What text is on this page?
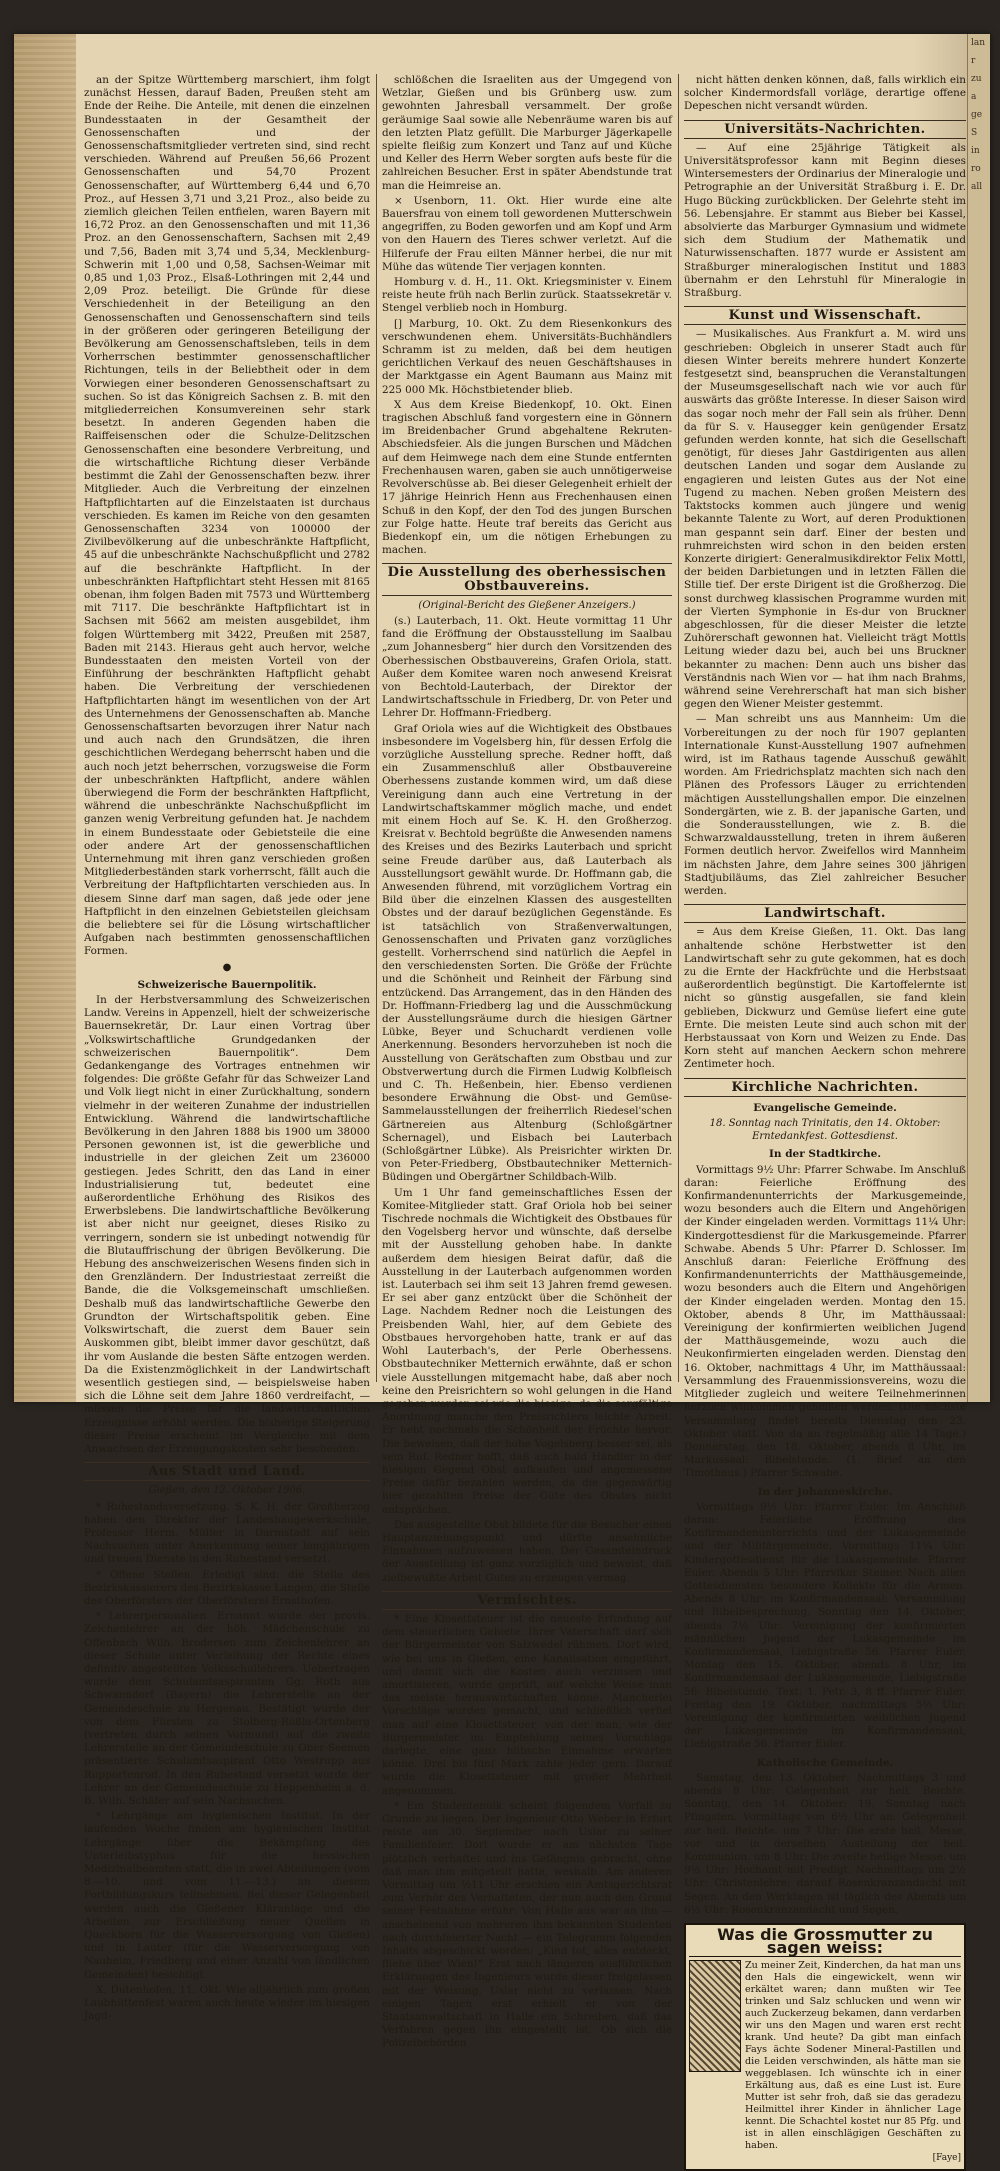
lan
r
zu
a
ge
S
in
ro
all

an der Spitze Württemberg marschiert, ihm folgt zunächst Hessen, darauf Baden, Preußen steht am Ende der Reihe. Die Anteile, mit denen die einzelnen Bundesstaaten in der Gesamtheit der Genossenschaften und der Genossenschaftsmitglieder vertreten sind, sind recht verschieden. Während auf Preußen 56,66 Prozent Genossenschaften und 54,70 Prozent Genossenschafter, auf Württemberg 6,44 und 6,70 Proz., auf Hessen 3,71 und 3,21 Proz., also beide zu ziemlich gleichen Teilen entfielen, waren Bayern mit 16,72 Proz. an den Genossenschaften und mit 11,36 Proz. an den Genossenschaftern, Sachsen mit 2,49 und 7,56, Baden mit 3,74 und 5,34, Mecklenburg-Schwerin mit 1,00 und 0,58, Sachsen-Weimar mit 0,85 und 1,03 Proz., Elsaß-Lothringen mit 2,44 und 2,09 Proz. beteiligt. Die Gründe für diese Verschiedenheit in der Beteiligung an den Genossenschaften und Genossenschaftern sind teils in der größeren oder geringeren Beteiligung der Bevölkerung am Genossenschaftsleben, teils in dem Vorherrschen bestimmter genossenschaftlicher Richtungen, teils in der Beliebtheit oder in dem Vorwiegen einer besonderen Genossenschaftsart zu suchen. So ist das Königreich Sachsen z. B. mit den mitgliederreichen Konsumvereinen sehr stark besetzt. In anderen Gegenden haben die Raiffeisenschen oder die Schulze-Delitzschen Genossenschaften eine besondere Verbreitung, und die wirtschaftliche Richtung dieser Verbände bestimmt die Zahl der Genossenschaften bezw. ihrer Mitglieder. Auch die Verbreitung der einzelnen Haftpflichtarten auf die Einzelstaaten ist durchaus verschieden. Es kamen im Reiche von den gesamten Genossenschaften 3234 von 100000 der Zivilbevölkerung auf die unbeschränkte Haftpflicht, 45 auf die unbeschränkte Nachschußpflicht und 2782 auf die beschränkte Haftpflicht. In der unbeschränkten Haftpflichtart steht Hessen mit 8165 obenan, ihm folgen Baden mit 7573 und Württemberg mit 7117. Die beschränkte Haftpflichtart ist in Sachsen mit 5662 am meisten ausgebildet, ihm folgen Württemberg mit 3422, Preußen mit 2587, Baden mit 2143. Hieraus geht auch hervor, welche Bundesstaaten den meisten Vorteil von der Einführung der beschränkten Haftpflicht gehabt haben. Die Verbreitung der verschiedenen Haftpflichtarten hängt im wesentlichen von der Art des Unternehmens der Genossenschaften ab. Manche Genossenschaftsarten bevorzugen ihrer Natur nach und auch nach den Grundsätzen, die ihren geschichtlichen Werdegang beherrscht haben und die auch noch jetzt beherrschen, vorzugsweise die Form der unbeschränkten Haftpflicht, andere wählen überwiegend die Form der beschränkten Haftpflicht, während die unbeschränkte Nachschußpflicht im ganzen wenig Verbreitung gefunden hat. Je nachdem in einem Bundesstaate oder Gebietsteile die eine oder andere Art der genossenschaftlichen Unternehmung mit ihren ganz verschieden großen Mitgliederbeständen stark vorherrscht, fällt auch die Verbreitung der Haftpflichtarten verschieden aus. In diesem Sinne darf man sagen, daß jede oder jene Haftpflicht in den einzelnen Gebietsteilen gleichsam die beliebtere sei für die Lösung wirtschaftlicher Aufgaben nach bestimmten genossenschaftlichen Formen.

●
Schweizerische Bauernpolitik.

In der Herbstversammlung des Schweizerischen Landw. Vereins in Appenzell, hielt der schweizerische Bauernsekretär, Dr. Laur einen Vortrag über „Volkswirtschaftliche Grundgedanken der schweizerischen Bauernpolitik“. Dem Gedankengange des Vortrages entnehmen wir folgendes: Die größte Gefahr für das Schweizer Land und Volk liegt nicht in einer Zurückhaltung, sondern vielmehr in der weiteren Zunahme der industriellen Entwicklung. Während die landwirtschaftliche Bevölkerung in den Jahren 1888 bis 1900 um 38000 Personen gewonnen ist, ist die gewerbliche und industrielle in der gleichen Zeit um 236000 gestiegen. Jedes Schritt, den das Land in einer Industrialisierung tut, bedeutet eine außerordentliche Erhöhung des Risikos des Erwerbslebens. Die landwirtschaftliche Bevölkerung ist aber nicht nur geeignet, dieses Risiko zu verringern, sondern sie ist unbedingt notwendig für die Blutauffrischung der übrigen Bevölkerung. Die Hebung des anschweizerischen Wesens finden sich in den Grenzländern. Der Industriestaat zerreißt die Bande, die die Volksgemeinschaft umschließen. Deshalb muß das landwirtschaftliche Gewerbe den Grundton der Wirtschaftspolitik geben. Eine Volkswirtschaft, die zuerst dem Bauer sein Auskommen gibt, bleibt immer davor geschützt, daß ihr vom Auslande die besten Säfte entzogen werden. Da die Existenzmöglichkeit in der Landwirtschaft wesentlich gestiegen sind, — beispielsweise haben sich die Löhne seit dem Jahre 1860 verdreifacht, — müssen die Preise für die landwirtschaftlichen Erzeugnisse erhöht werden. Die bisherige Steigerung dieser Preise erscheint im Vergleiche mit dem Anwachsen der Erzeugungskosten sehr bescheiden.

Aus Stadt und Land.
Gießen, den 12. Oktober 1906.

* Ruhestandsversetzung. S. K. H. der Großherzog haben den Direktor der Landesbaugewerkschule, Professor Herm. Müller in Darmstadt auf sein Nachsuchen unter Anerkennung seiner langjährigen und treuen Dienste in den Ruhestand versetzt.

* Offene Stellen. Erledigt sind: die Stelle des Bezirkskassierers des Bezirkskasse Langen, die Stelle des Oberförsters der Oberförsterei Ernsthofen.

* Lehrerpersonalien. Ernannt wurde der provis. Zeichenlehrer an der höh. Mädchenschule zu Offenbach Wilh. Brodersen zum Zeichenlehrer an dieser Schule unter Verleihung der Rechte eines definitiv angestellten Volksschullehrers. Uebertragen wurde dem Schulamtsaspiranten Gg. Roth aus Schwanndorf (Bayern) die Lehrerstelle an der Gemeindeschule zu Hergenau. Bestätigt wurde der von dem Fürsten zu Stolberg-Roßla-Ortenberg (vertreten durch seinen Vormund) auf die zweite Lehrerstelle an der Gemeindeschule zu Ober-Seemen präsentierte Schulamtsaspirant Otto Westrupp aus Rupportenrod. In den Ruhestand versetzt wurde der Lehrer an der Gemeindeschule zu Heppenheim a. d. B. Wilh. Schäfer auf sein Nachsuchen.

* Lehrgänge am hygienischen Institut. In der laufenden Woche finden am hygienischen Institut Lehrgänge über die Bekämpfung des Unterleibstyphus für die hessischen Medizinalbeamten statt, die in zwei Abteilungen (vom 8.—10. und vom 11.—13.) an diesem Fortbildungskurs teilnehmen. Bei dieser Gelegenheit werden auch die Gießener Kläranlage und die Arbeiten zur Erschließung neuer Quellen in Queckborn für die Wasserversorgung von Gießen) und in Lauter (für die Wasserversorgung von Nauheim, Friedberg und einer Anzahl von ländlichen Gemeinden) besichtigt.

X. Dutenhofen, 11. Okt. Wie alljährlich zum großen Laubhüttenfest waren auch heute wieder im hiesigen Jagd-

schlößchen die Israeliten aus der Umgegend von Wetzlar, Gießen und bis Grünberg usw. zum gewohnten Jahresball versammelt. Der große geräumige Saal sowie alle Nebenräume waren bis auf den letzten Platz gefüllt. Die Marburger Jägerkapelle spielte fleißig zum Konzert und Tanz auf und Küche und Keller des Herrn Weber sorgten aufs beste für die zahlreichen Besucher. Erst in später Abendstunde trat man die Heimreise an.

⨯ Usenborn, 11. Okt. Hier wurde eine alte Bauersfrau von einem toll gewordenen Mutterschwein angegriffen, zu Boden geworfen und am Kopf und Arm von den Hauern des Tieres schwer verletzt. Auf die Hilferufe der Frau eilten Männer herbei, die nur mit Mühe das wütende Tier verjagen konnten.

Homburg v. d. H., 11. Okt. Kriegsminister v. Einem reiste heute früh nach Berlin zurück. Staatssekretär v. Stengel verblieb noch in Homburg.

[] Marburg, 10. Okt. Zu dem Riesenkonkurs des verschwundenen ehem. Universitäts-Buchhändlers Schramm ist zu melden, daß bei dem heutigen gerichtlichen Verkauf des neuen Geschäftshauses in der Marktgasse ein Agent Baumann aus Mainz mit 225 000 Mk. Höchstbietender blieb.

X Aus dem Kreise Biedenkopf, 10. Okt. Einen tragischen Abschluß fand vorgestern eine in Gönnern im Breidenbacher Grund abgehaltene Rekruten-Abschiedsfeier. Als die jungen Burschen und Mädchen auf dem Heimwege nach dem eine Stunde entfernten Frechenhausen waren, gaben sie auch unnötigerweise Revolverschüsse ab. Bei dieser Gelegenheit erhielt der 17 jährige Heinrich Henn aus Frechenhausen einen Schuß in den Kopf, der den Tod des jungen Burschen zur Folge hatte. Heute traf bereits das Gericht aus Biedenkopf ein, um die nötigen Erhebungen zu machen.

Die Ausstellung des oberhessischen Obstbauvereins.
(Original-Bericht des Gießener Anzeigers.)

(s.) Lauterbach, 11. Okt. Heute vormittag 11 Uhr fand die Eröffnung der Obstausstellung im Saalbau „zum Johannesberg“ hier durch den Vorsitzenden des Oberhessischen Obstbauvereins, Grafen Oriola, statt. Außer dem Komitee waren noch anwesend Kreisrat von Bechtold-Lauterbach, der Direktor der Landwirtschaftsschule in Friedberg, Dr. von Peter und Lehrer Dr. Hoffmann-Friedberg.

Graf Oriola wies auf die Wichtigkeit des Obstbaues insbesondere im Vogelsberg hin, für dessen Erfolg die vorzügliche Ausstellung spreche. Redner hofft, daß ein Zusammenschluß aller Obstbauvereine Oberhessens zustande kommen wird, um daß diese Vereinigung dann auch eine Vertretung in der Landwirtschaftskammer möglich mache, und endet mit einem Hoch auf Se. K. H. den Großherzog. Kreisrat v. Bechtold begrüßte die Anwesenden namens des Kreises und des Bezirks Lauterbach und spricht seine Freude darüber aus, daß Lauterbach als Ausstellungsort gewählt wurde. Dr. Hoffmann gab, die Anwesenden führend, mit vorzüglichem Vortrag ein Bild über die einzelnen Klassen des ausgestellten Obstes und der darauf bezüglichen Gegenstände. Es ist tatsächlich von Straßenverwaltungen, Genossenschaften und Privaten ganz vorzügliches gestellt. Vorherrschend sind natürlich die Aepfel in den verschiedensten Sorten. Die Größe der Früchte und die Schönheit und Reinheit der Färbung sind entzückend. Das Arrangement, das in den Händen des Dr. Hoffmann-Friedberg lag und die Ausschmückung der Ausstellungsräume durch die hiesigen Gärtner Lübke, Beyer und Schuchardt verdienen volle Anerkennung. Besonders hervorzuheben ist noch die Ausstellung von Gerätschaften zum Obstbau und zur Obstverwertung durch die Firmen Ludwig Kolbfleisch und C. Th. Heßenbein, hier. Ebenso verdienen besondere Erwähnung die Obst- und Gemüse-Sammelausstellungen der freiherrlich Riedesel'schen Gärtnereien aus Altenburg (Schloßgärtner Schernagel), und Eisbach bei Lauterbach (Schloßgärtner Lübke). Als Preisrichter wirkten Dr. von Peter-Friedberg, Obstbautechniker Metternich-Büdingen und Obergärtner Schildbach-Wilb.

Um 1 Uhr fand gemeinschaftliches Essen der Komitee-Mitglieder statt. Graf Oriola hob bei seiner Tischrede nochmals die Wichtigkeit des Obstbaues für den Vogelsberg hervor und wünschte, daß derselbe mit der Ausstellung gehoben habe. In dankte außerdem dem hiesigen Beirat dafür, daß die Ausstellung in der Lauterbach aufgenommen worden ist. Lauterbach sei ihm seit 13 Jahren fremd gewesen. Er sei aber ganz entzückt über die Schönheit der Lage. Nachdem Redner noch die Leistungen des Preisbenden Wahl, hier, auf dem Gebiete des Obstbaues hervorgehoben hatte, trank er auf das Wohl Lauterbach's, der Perle Oberhessens. Obstbautechniker Metternich erwähnte, daß er schon viele Ausstellungen mitgemacht habe, daß aber noch keine den Preisrichtern so wohl gelungen in die Hand gegeben worden sei wie die hiesige, da die sorgfältige Anordnung manche den Preisrichtern leichte Arbeit. Er hebt nochmals die Schönheit der Früchte hervor. Die beweisen, daß der hohe Vogelsberg besser sei, als sein Ruf. Redner hofft, daß auch bald Händler in der hiesigen Gegend Obst aufkaufen und angemessene Preise dafür bezahlen werden, da die gegenwärtig hier gezahlten Preise der Güte des Obstes nicht entsprächen.

Das ausgestellte Obst bildete für die Besucher einen Hauptanziehungspunkt und dürfte ansehnliche Einnahmen aufzuweisen haben. Der Gesamteindruck der Ausstellung ist ganz vorzüglich und beweist, daß zielbewußte Arbeit Gutes zu erzeugen vermag.

Vermischtes.

* Eine Klosettsteuer ist die neueste Erfindung auf dem steuerlichen Gebiete. Ihrer Vaterschaft darf sich der Bürgermeister von Salzwedel rühmen. Dort wird, wie bei uns in Gießen, eine Kanalisation eingeführt, und damit sich die Kosten auch verzinsen und amortisieren, wurde geprüft, auf welche Weise man das meiste herauswirtschaften könne. Mancherlei Vorschläge wurden gemacht, und schließlich verfiel man auf eine Klosettsteuer, von der man, wie der Bürgermeister im Einpfehlung seines Vorschlags darlegte, eine ganz hübsche Einnahme erwarten könne. Drei bis fünf Mark zahle jeder gern. Darauf wurde die Klosettsteuer mit großer Mehrheit angenommen.

* Ein Studentenulk scheint folgendem Vorfall zu Grunde zu liegen. Der Ingenieur Otto Weber in Erfurt reiste am 30. September nach Uslar zu seiner Familienfeier. Dort wurde er am nächsten Tage plötzlich verhaftet und ins Gefängnis gebracht, ohne daß man ihm mitgeteilt hatte, weshalb. Am anderen Vormittag um ½11 Uhr erschien ein Amtsgerichtsrat zum Verhör des Verhafteten, der nun auch den Grund seiner Festnahme erfuhr: Von Halle aus war an ihn — anscheinend von mehreren ihm bekannten Studenten nach durchfeierter Nacht — ein Telegramm folgenden Inhalts abgeschickt worden: „Kind tot, alles entdeckt, fliehe über Wien!“ Erst nach längeren ausführlichen Erklärungen des Ingenieurs wurde dieser freigelassen mit der Weisung, Uslar nicht zu verlassen. Nach einigen Tagen erst erhielt er von der Staatsanwaltschaft in Halle ein Schreiben, daß das Verfahren gegen ihn eingestellt ist. Ob sich die Polizeibehörden

nicht hätten denken können, daß, falls wirklich ein solcher Kindermordsfall vorläge, derartige offene Depeschen nicht versandt würden.

Universitäts-Nachrichten.

— Auf eine 25jährige Tätigkeit als Universitätsprofessor kann mit Beginn dieses Wintersemesters der Ordinarius der Mineralogie und Petrographie an der Universität Straßburg i. E. Dr. Hugo Bücking zurückblicken. Der Gelehrte steht im 56. Lebensjahre. Er stammt aus Bieber bei Kassel, absolvierte das Marburger Gymnasium und widmete sich dem Studium der Mathematik und Naturwissenschaften. 1877 wurde er Assistent am Straßburger mineralogischen Institut und 1883 übernahm er den Lehrstuhl für Mineralogie in Straßburg.

Kunst und Wissenschaft.

— Musikalisches. Aus Frankfurt a. M. wird uns geschrieben: Obgleich in unserer Stadt auch für diesen Winter bereits mehrere hundert Konzerte festgesetzt sind, beanspruchen die Veranstaltungen der Museumsgesellschaft nach wie vor auch für auswärts das größte Interesse. In dieser Saison wird das sogar noch mehr der Fall sein als früher. Denn da für S. v. Hausegger kein genügender Ersatz gefunden werden konnte, hat sich die Gesellschaft genötigt, für dieses Jahr Gastdirigenten aus allen deutschen Landen und sogar dem Auslande zu engagieren und leisten Gutes aus der Not eine Tugend zu machen. Neben großen Meistern des Taktstocks kommen auch jüngere und wenig bekannte Talente zu Wort, auf deren Produktionen man gespannt sein darf. Einer der besten und ruhmreichsten wird schon in den beiden ersten Konzerte dirigiert: Generalmusikdirektor Felix Mottl, der beiden Darbietungen und in letzten Fällen die Stille tief. Der erste Dirigent ist die Großherzog. Die sonst durchweg klassischen Programme wurden mit der Vierten Symphonie in Es-dur von Bruckner abgeschlossen, für die dieser Meister die letzte Zuhörerschaft gewonnen hat. Vielleicht trägt Mottls Leitung wieder dazu bei, auch bei uns Bruckner bekannter zu machen: Denn auch uns bisher das Verständnis nach Wien vor — hat ihm nach Brahms, während seine Verehrerschaft hat man sich bisher gegen den Wiener Meister gestemmt.

— Man schreibt uns aus Mannheim: Um die Vorbereitungen zu der noch für 1907 geplanten Internationale Kunst-Ausstellung 1907 aufnehmen wird, ist im Rathaus tagende Ausschuß gewählt worden. Am Friedrichsplatz machten sich nach den Plänen des Professors Läuger zu errichtenden mächtigen Ausstellungshallen empor. Die einzelnen Sondergärten, wie z. B. der japanische Garten, und die Sonderausstellungen, wie z. B. die Schwarzwaldausstellung, treten in ihrem äußeren Formen deutlich hervor. Zweifellos wird Mannheim im nächsten Jahre, dem Jahre seines 300 jährigen Stadtjubiläums, das Ziel zahlreicher Besucher werden.

Landwirtschaft.

= Aus dem Kreise Gießen, 11. Okt. Das lang anhaltende schöne Herbstwetter ist den Landwirtschaft sehr zu gute gekommen, hat es doch zu die Ernte der Hackfrüchte und die Herbstsaat außerordentlich begünstigt. Die Kartoffelernte ist nicht so günstig ausgefallen, sie fand klein geblieben, Dickwurz und Gemüse liefert eine gute Ernte. Die meisten Leute sind auch schon mit der Herbstaussaat von Korn und Weizen zu Ende. Das Korn steht auf manchen Aeckern schon mehrere Zentimeter hoch.

Kirchliche Nachrichten.
Evangelische Gemeinde.
18. Sonntag nach Trinitatis, den 14. Oktober: Erntedankfest. Gottesdienst.
In der Stadtkirche.

Vormittags 9½ Uhr: Pfarrer Schwabe. Im Anschluß daran: Feierliche Eröffnung des Konfirmandenunterrichts der Markusgemeinde, wozu besonders auch die Eltern und Angehörigen der Kinder eingeladen werden. Vormittags 11¼ Uhr: Kindergottesdienst für die Markusgemeinde. Pfarrer Schwabe. Abends 5 Uhr: Pfarrer D. Schlosser. Im Anschluß daran: Feierliche Eröffnung des Konfirmandenunterrichts der Matthäusgemeinde, wozu besonders auch die Eltern und Angehörigen der Kinder eingeladen werden. Montag den 15. Oktober, abends 8 Uhr, im Matthäussaal: Vereinigung der konfirmierten weiblichen Jugend der Matthäusgemeinde, wozu auch die Neukonfirmierten eingeladen werden. Dienstag den 16. Oktober, nachmittags 4 Uhr, im Matthäussaal: Versammlung des Frauenmissionsvereins, wozu die Mitglieder zugleich und weitere Teilnehmerinnen herzlich willkommen geheißen werden. (Die nächste Versammlung findet bereits Dienstag den 23. Oktober statt. Von da an regelmäßig alle 14 Tage.) Donnerstag, den 18. Oktober, abends 8 Uhr, im Markussaal: Bibelstunde. (1. Brief an den Timotheus.) Pfarrer Schwabe.

In der Johanneskirche.

Vormittags 9½ Uhr: Pfarrer Euler. Im Anschluß daran: Feierliche Eröffnung des Konfirmandenunterrichts und der Lukasgemeinde und der Militärgemeinde. Vormittags 11¼ Uhr: Kindergottesdienst für die Lukasgemeinde. Pfarrer Euler. Abends 5 Uhr: Pfarrvikar Steiner. Nach allen Gottesdiensten besondere Kollekte für die Armen. Abends 8 Uhr: im Konfirmandensaal: Versammlung und Bibelbesprechung. Sonntag den 14. Oktober, abends 7½ Uhr: Vereinigung der konfirmierten männlichen Jugend der Lukasgemeinde im Konfirmandensaal, Liebigstraße 56. Pfarrer Euler. Montag den 15. Oktober, abends 8 Uhr, im Konfirmandensaal der Lukasgemeinde, Liebigstraße 56: Bibelstunde. Text: 1. Petr. 3, 8 ff. Pfarrer Euler. Freitag den 19. Oktober, nachmittags 5½ Uhr: Vereinigung der konfirmierten weiblichen Jugend der Lukasgemeinde im Konfirmandensaal, Liebigstraße 56. Pfarrer Euler.

Katholische Gemeinde.

Samstag, den 13. Oktober: Nachmittags 3 und abends 8 Uhr: Gelegenheit zur heil. Beichte. Sonntag, den 14. Oktober: 19. Sonntag nach Pfingsten. Vormittags von 6½ Uhr an: Gelegenheit zur heil. Beichte. um 7 Uhr: Die erste heil. Messe, vor und in derselben Austeilung der heil. Kommunion. um 8 Uhr: Die zweite heilige Messe. um 9½ Uhr: Hochamt mit Predigt. Nachmittags um 2½ Uhr: Christenlehre; darauf Rosenkranzandacht mit Segen. An den Werktagen ist täglich des Abends um 6½ Uhr: Rosenkranzandacht und Segen.

Was die Grossmutter zu sagen weiss:
Zu meiner Zeit, Kinderchen, da hat man uns den Hals die eingewickelt, wenn wir erkältet waren; dann mußten wir Tee trinken und Salz schlucken und wenn wir auch Zuckerzeug bekamen, dann verdarben wir uns den Magen und waren erst recht krank. Und heute? Da gibt man einfach Fays ächte Sodener Mineral-Pastillen und die Leiden verschwinden, als hätte man sie weggeblasen. Ich wünschte ich in einer Erkältung aus, daß es eine Lust ist. Eure Mutter ist sehr froh, daß sie das geradezu Heilmittel ihrer Kinder in ähnlicher Lage kennt. Die Schachtel kostet nur 85 Pfg. und ist in allen einschlägigen Geschäften zu haben.
[Faye]
